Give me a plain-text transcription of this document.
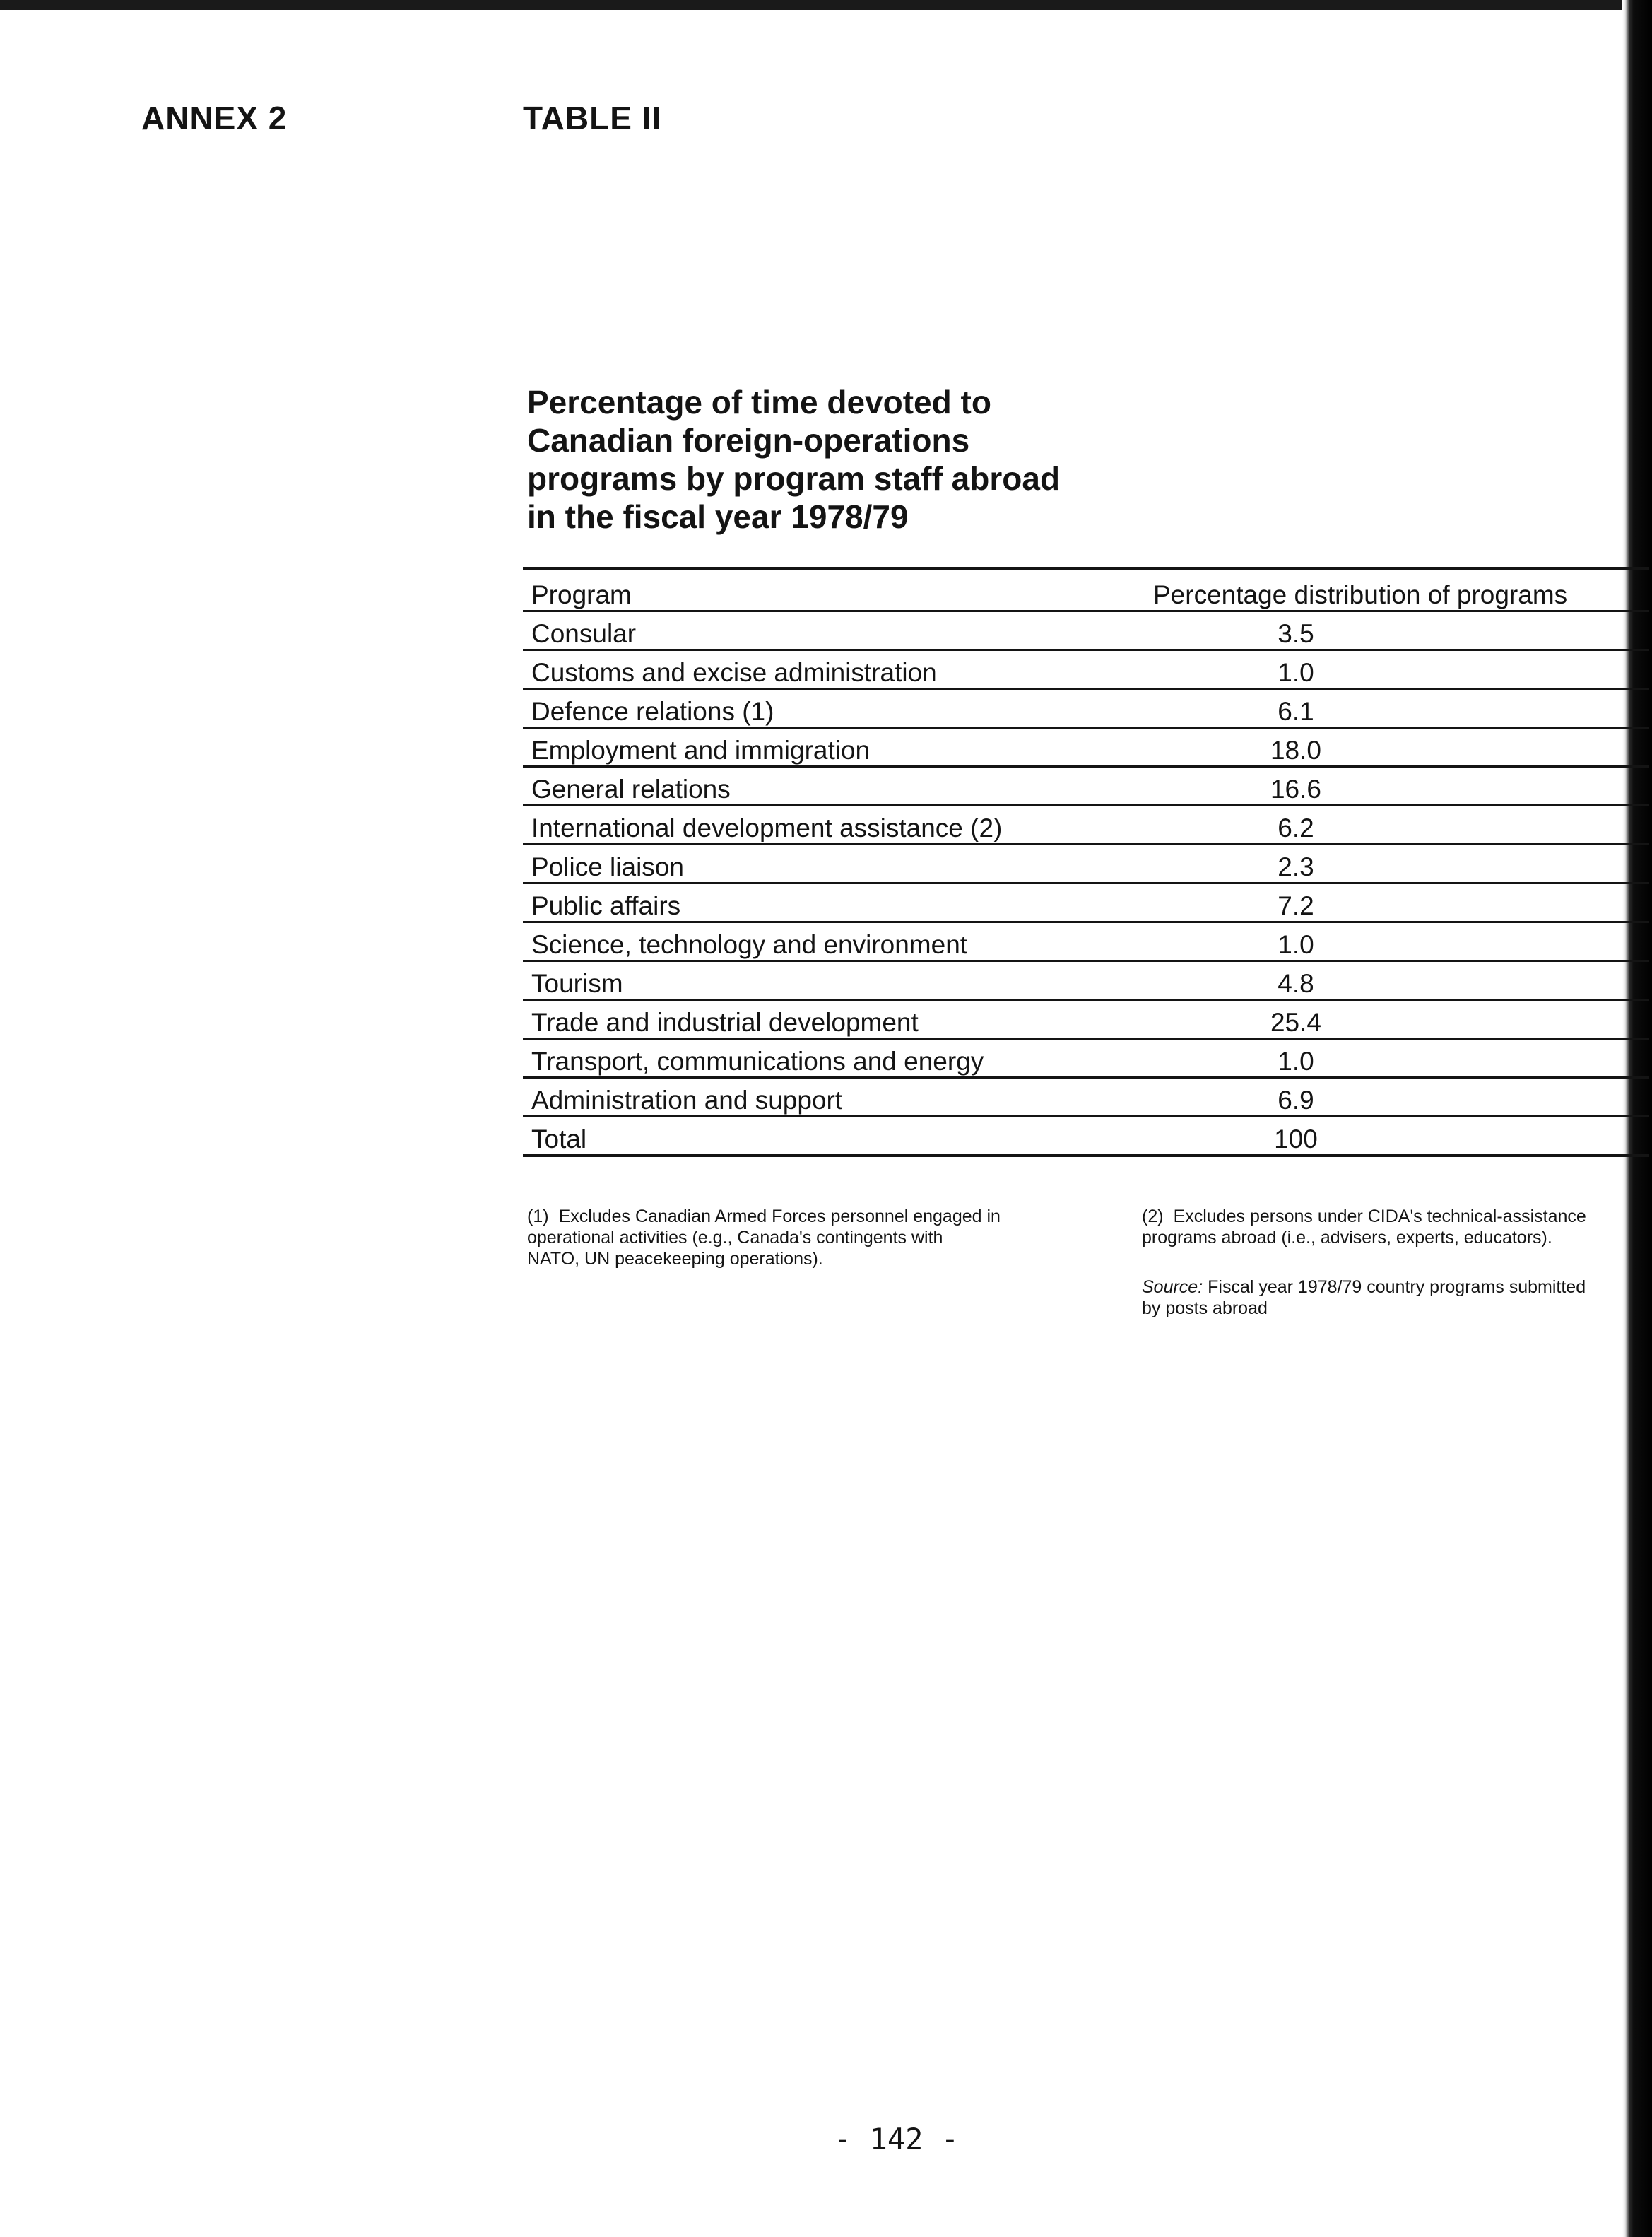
ANNEX 2	TABLE II
Percentage of time devoted to
Canadian foreign-operations
programs by program staff abroad
in the fiscal year 1978/79
Program	Percentage distribution of programs
Consular	3.5
Customs and excise administration	1.0
Defence relations (1)	6.1
Employment and immigration	18.0
General relations	16.6
International development assistance (2)	6.2
Police liaison	2.3
Public affairs	7.2
Science, technology and environment	1.0
Tourism	4.8
Trade and industrial development	25.4
Transport, communications and energy	1.0
Administration and support	6.9
Total	100
(1) Excludes Canadian Armed Forces personnel engaged in
operational activities (e.g., Canada's contingents with
NATO, UN peacekeeping operations).
(2) Excludes persons under CIDA's technical-assistance
programs abroad (i.e., advisers, experts, educators).
Source: Fiscal year 1978/79 country programs submitted
by posts abroad

- 142 -
